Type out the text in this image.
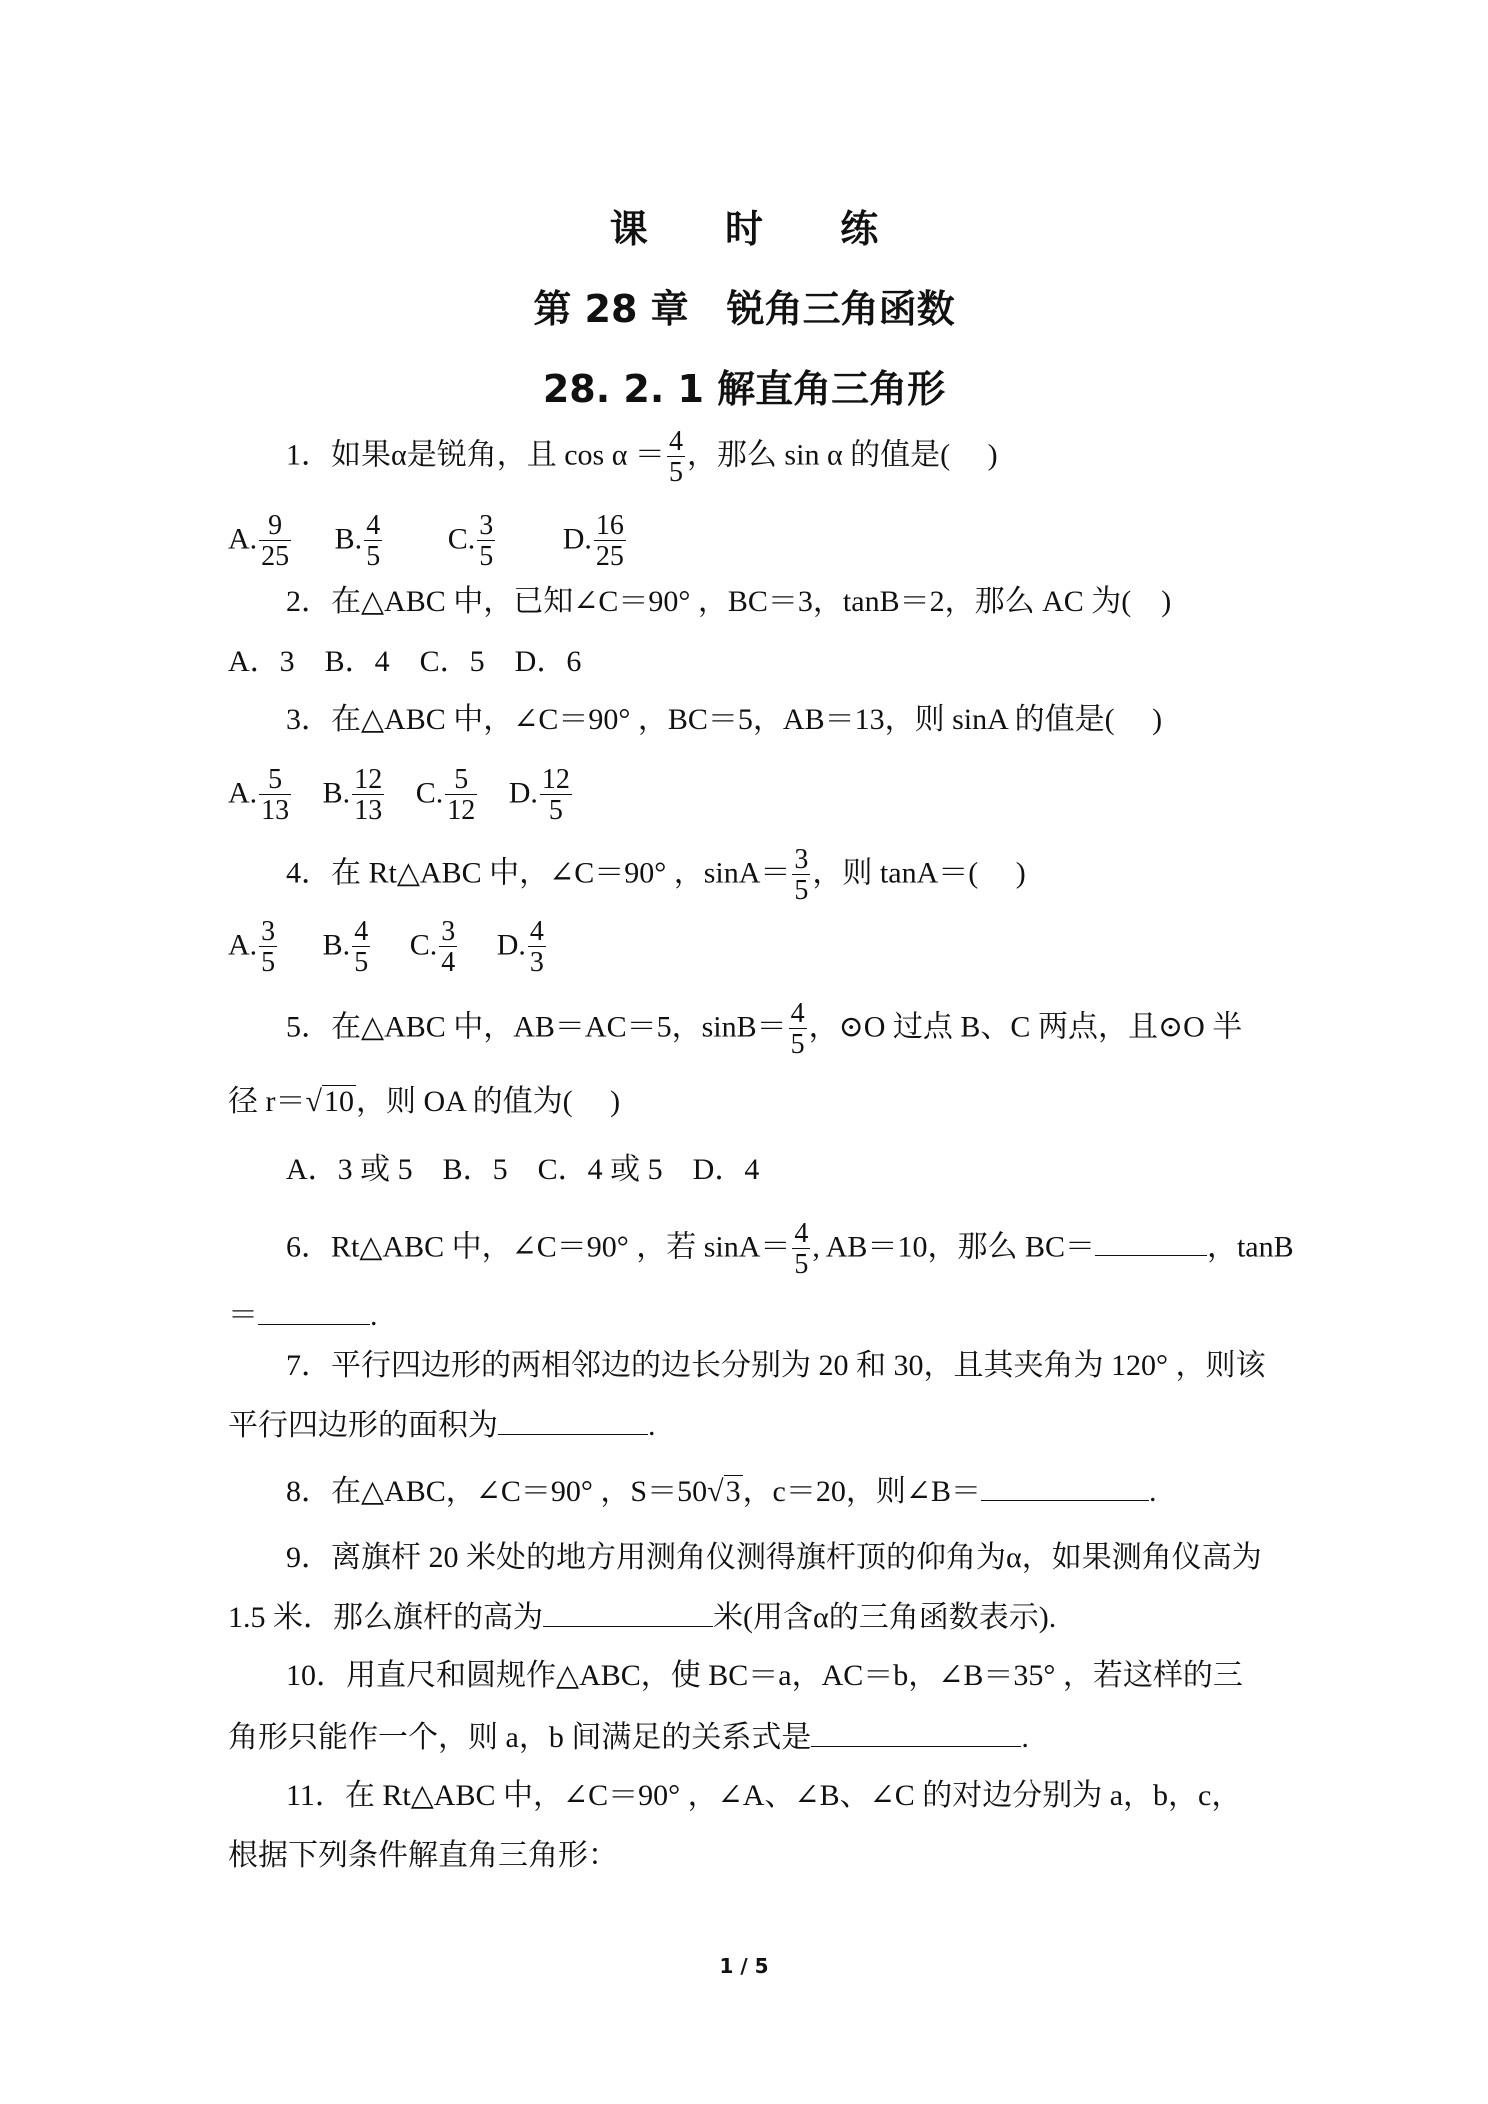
课 时 练
第 28 章　锐角三角函数
28. 2. 1 解直角三角形
1．如果α是锐角，且 $\cos \alpha = \frac{4}{5}$ ，那么 sin α 的值是(　 )
A. $\frac{9}{25} B$. $\frac{4}{5} C$. $\frac{3}{5} D$. $\frac{16}{25}$
2．在△ABC 中，已知∠C＝90° ，BC＝3，tanB＝2，那么 AC 为(　)
A．3　B．4　C．5　D．6
3．在△ABC 中，∠C＝90° ，BC＝5，AB＝13，则 sinA 的值是(　 )
A. $\frac{5}{13} B$. $\frac{12}{13} C$. $\frac{5}{12} D$. $\frac{12}{5}$
4．在 Rt△ABC 中，∠C＝90° ，$\sin A= \frac{3}{5}$ ，则 tanA＝(　 )
A. $\frac{3}{5} B$. $\frac{4}{5} C$. $\frac{3}{4} D$. $\frac{4}{3}$
5．在△ABC 中，AB＝AC＝5，$\sin B= \frac{4}{5}$ ，⊙O 过点 B、C 两点，且⊙O 半
径 r＝√10，则 OA 的值为(　 )
A．3 或 5　B．5　C．4 或 5　D．4
6．Rt△ABC 中，∠C＝90° ，若 $\sin A= \frac{4}{5}$ , AB＝10，那么 BC＝	，tanB
＝	.
7．平行四边形的两相邻边的边长分别为 20 和 30，且其夹角为 120° ，则该
平行四边形的面积为	.
8．在△ABC，∠C＝90° ，S＝50√3，c＝20，则∠B＝	.
9．离旗杆 20 米处的地方用测角仪测得旗杆顶的仰角为α，如果测角仪高为
1.5 米．那么旗杆的高为	米(用含α的三角函数表示).
10．用直尺和圆规作△ABC，使 BC＝a，AC＝b，∠B＝35° ，若这样的三
角形只能作一个，则 a，b 间满足的关系式是	.
11．在 Rt△ABC 中，∠C＝90° ，∠A、∠B、∠C 的对边分别为 a，b，c，
根据下列条件解直角三角形：
1 / 5
